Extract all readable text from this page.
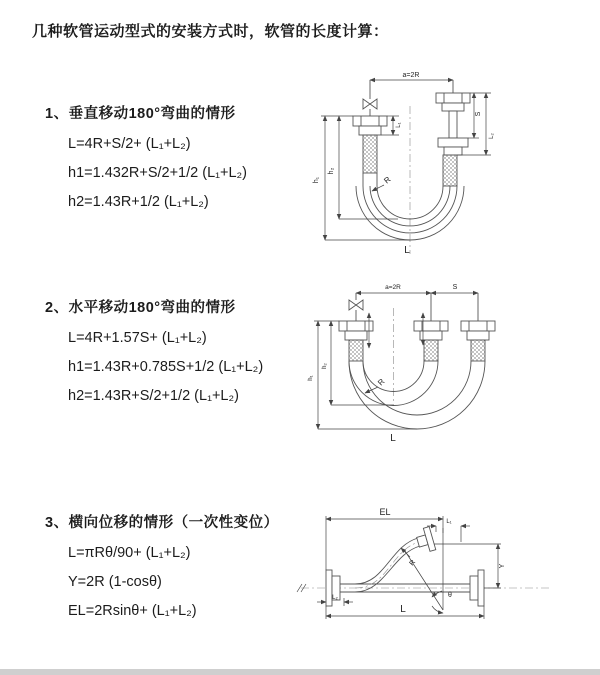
几种软管运动型式的安装方式时，软管的长度计算：
1、垂直移动180°弯曲的情形
L=4R+S/2+ (L₁+L₂)
h1=1.432R+S/2+1/2 (L₁+L₂)
h2=1.43R+1/2 (L₁+L₂)
2、水平移动180°弯曲的情形
L=4R+1.57S+ (L₁+L₂)
h1=1.43R+0.785S+1/2 (L₁+L₂)
h2=1.43R+S/2+1/2 (L₁+L₂)
3、横向位移的情形（一次性变位）
L=πRθ/90+ (L₁+L₂)
Y=2R (1-cosθ)
EL=2Rsinθ+ (L₁+L₂)
a=2R
h₁
h₂
L₁
S
L₂
R
L
a=2R	S
h₁
h₂
R
L
EL
L₁
Y
R
θ
L
L₂
